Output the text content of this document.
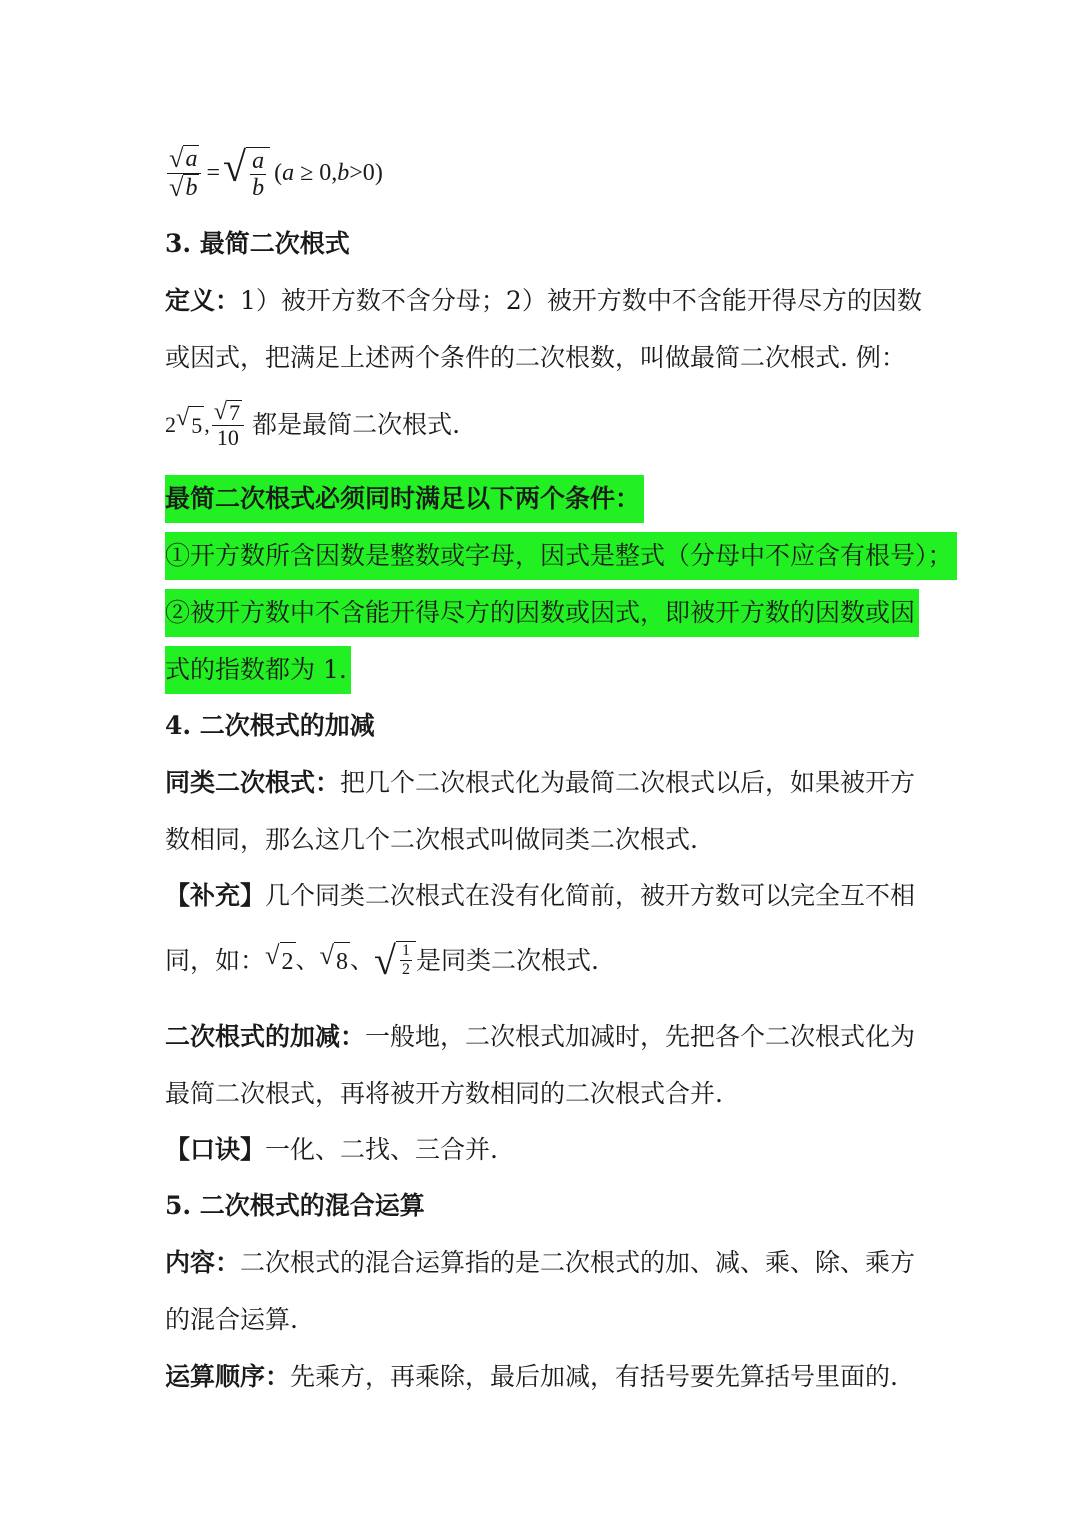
$\frac{√ a}{√ b}$ = √ $\frac{a}{b} (a \ge 0,b>0)$

3. 最简二次根式

定义：1）被开方数不含分母；2）被开方数中不含能开得尽方的因数

或因式，把满足上述两个条件的二次根数，叫做最简二次根式. 例：

2 √ 5 , $\frac{√ 7}{10}$ 都是最简二次根式.

最简二次根式必须同时满足以下两个条件：

①开方数所含因数是整数或字母，因式是整式（分母中不应含有根号）；

②被开方数中不含能开得尽方的因数或因式，即被开方数的因数或因

式的指数都为 1.

4. 二次根式的加减

同类二次根式：把几个二次根式化为最简二次根式以后，如果被开方

数相同，那么这几个二次根式叫做同类二次根式.

【补充】几个同类二次根式在没有化简前，被开方数可以完全互不相

同，如： √ 2 、 √ 8 、 √ $\frac{1}{2}$ 是同类二次根式.

二次根式的加减：一般地，二次根式加减时，先把各个二次根式化为

最简二次根式，再将被开方数相同的二次根式合并.

【口诀】一化、二找、三合并.

5. 二次根式的混合运算

内容：二次根式的混合运算指的是二次根式的加、减、乘、除、乘方

的混合运算.

运算顺序：先乘方，再乘除，最后加减，有括号要先算括号里面的.
